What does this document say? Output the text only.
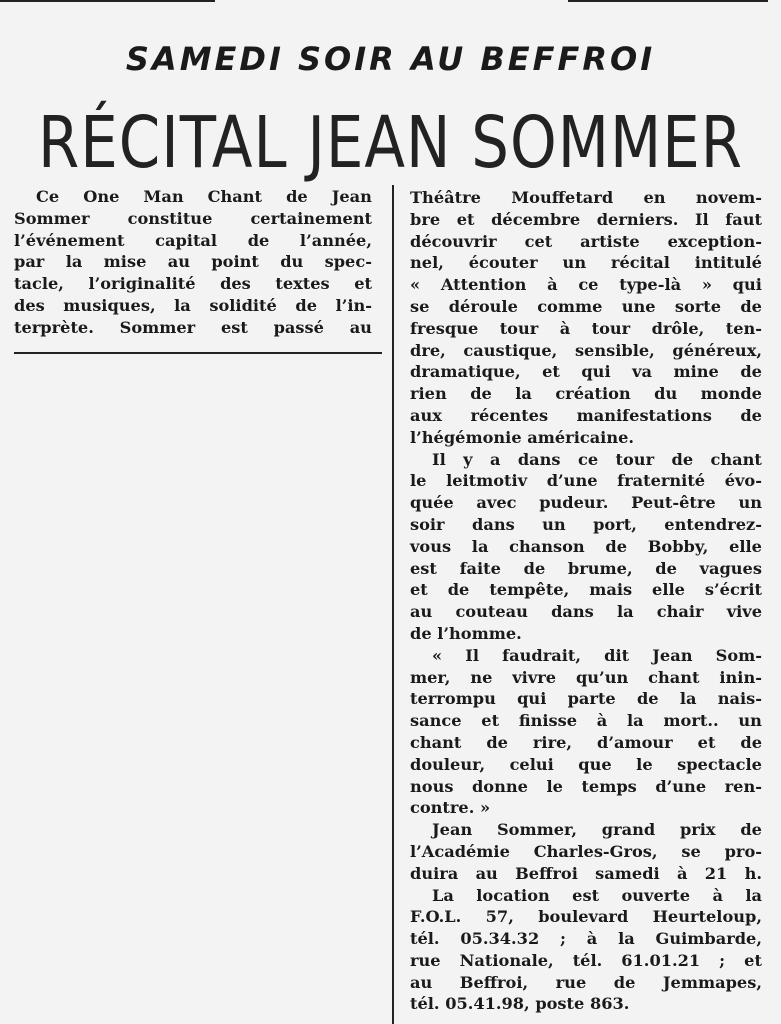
SAMEDI SOIR AU BEFFROI
RÉCITAL JEAN SOMMER

Ce One Man Chant de Jean

Sommer constitue certainement

l’événement capital de l’année,

par la mise au point du spec-

tacle, l’originalité des textes et

des musiques, la solidité de l’in-

terprète. Sommer est passé au

Théâtre Mouffetard en novem-

bre et décembre derniers. Il faut

découvrir cet artiste exception-

nel, écouter un récital intitulé

« Attention à ce type-là » qui

se déroule comme une sorte de

fresque tour à tour drôle, ten-

dre, caustique, sensible, généreux,

dramatique, et qui va mine de

rien de la création du monde

aux récentes manifestations de

l’hégémonie américaine.

Il y a dans ce tour de chant

le leitmotiv d’une fraternité évo-

quée avec pudeur. Peut-être un

soir dans un port, entendrez-

vous la chanson de Bobby, elle

est faite de brume, de vagues

et de tempête, mais elle s’écrit

au couteau dans la chair vive

de l’homme.

« Il faudrait, dit Jean Som-

mer, ne vivre qu’un chant inin-

terrompu qui parte de la nais-

sance et finisse à la mort.. un

chant de rire, d’amour et de

douleur, celui que le spectacle

nous donne le temps d’une ren-

contre. »

Jean Sommer, grand prix de

l’Académie Charles-Gros, se pro-

duira au Beffroi samedi à 21 h.

La location est ouverte à la

F.O.L. 57, boulevard Heurteloup,

tél. 05.34.32 ; à la Guimbarde,

rue Nationale, tél. 61.01.21 ; et

au Beffroi, rue de Jemmapes,

tél. 05.41.98, poste 863.
